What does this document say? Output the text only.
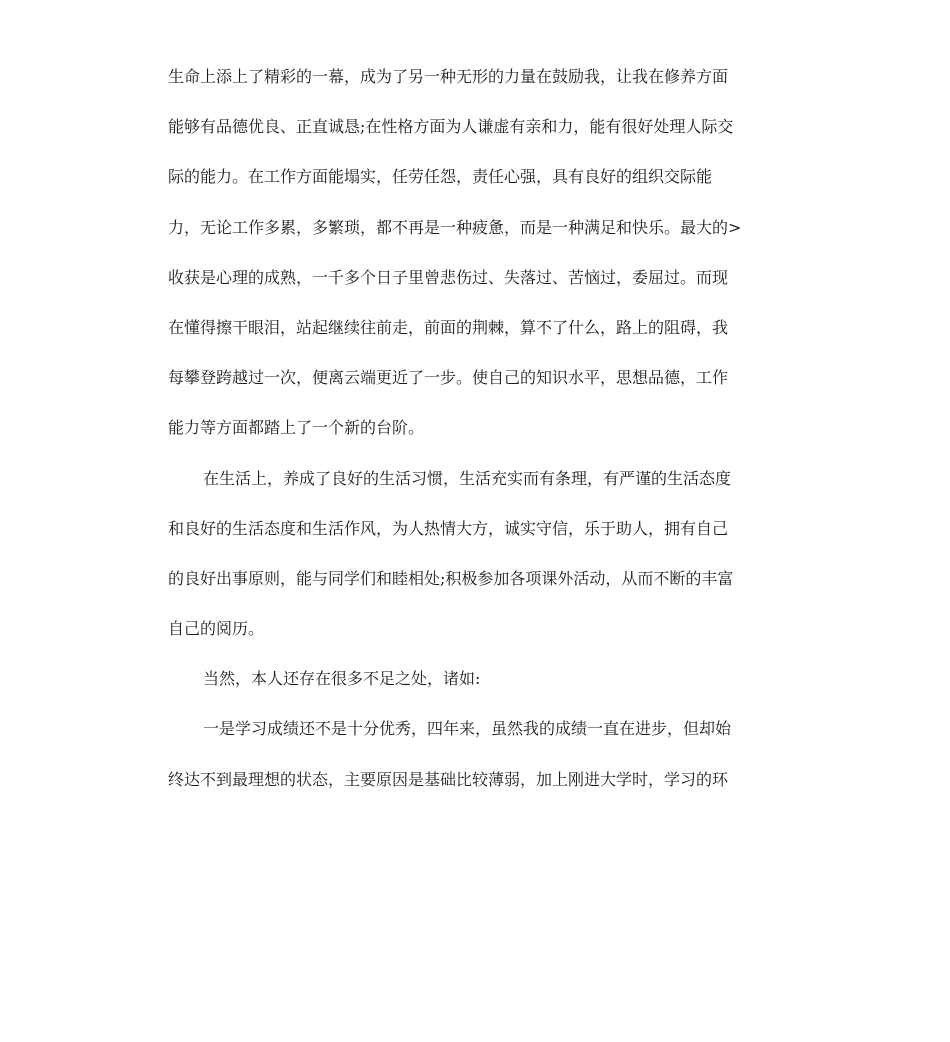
生命上添上了精彩的一幕，成为了另一种无形的力量在鼓励我，让我在修养方面
能够有品德优良、正直诚恳;在性格方面为人谦虚有亲和力，能有很好处理人际交
际的能力。在工作方面能塌实，任劳任怨，责任心强，具有良好的组织交际能
力，无论工作多累，多繁琐，都不再是一种疲惫，而是一种满足和快乐。最大的>
收获是心理的成熟，一千多个日子里曾悲伤过、失落过、苦恼过，委屈过。而现
在懂得擦干眼泪，站起继续往前走，前面的荆棘，算不了什么，路上的阻碍，我
每攀登跨越过一次，便离云端更近了一步。使自己的知识水平，思想品德，工作
能力等方面都踏上了一个新的台阶。
在生活上，养成了良好的生活习惯，生活充实而有条理，有严谨的生活态度
和良好的生活态度和生活作风，为人热情大方，诚实守信，乐于助人，拥有自己
的良好出事原则，能与同学们和睦相处;积极参加各项课外活动，从而不断的丰富
自己的阅历。
当然，本人还存在很多不足之处，诸如:
一是学习成绩还不是十分优秀，四年来，虽然我的成绩一直在进步，但却始
终达不到最理想的状态，主要原因是基础比较薄弱，加上刚进大学时，学习的环
